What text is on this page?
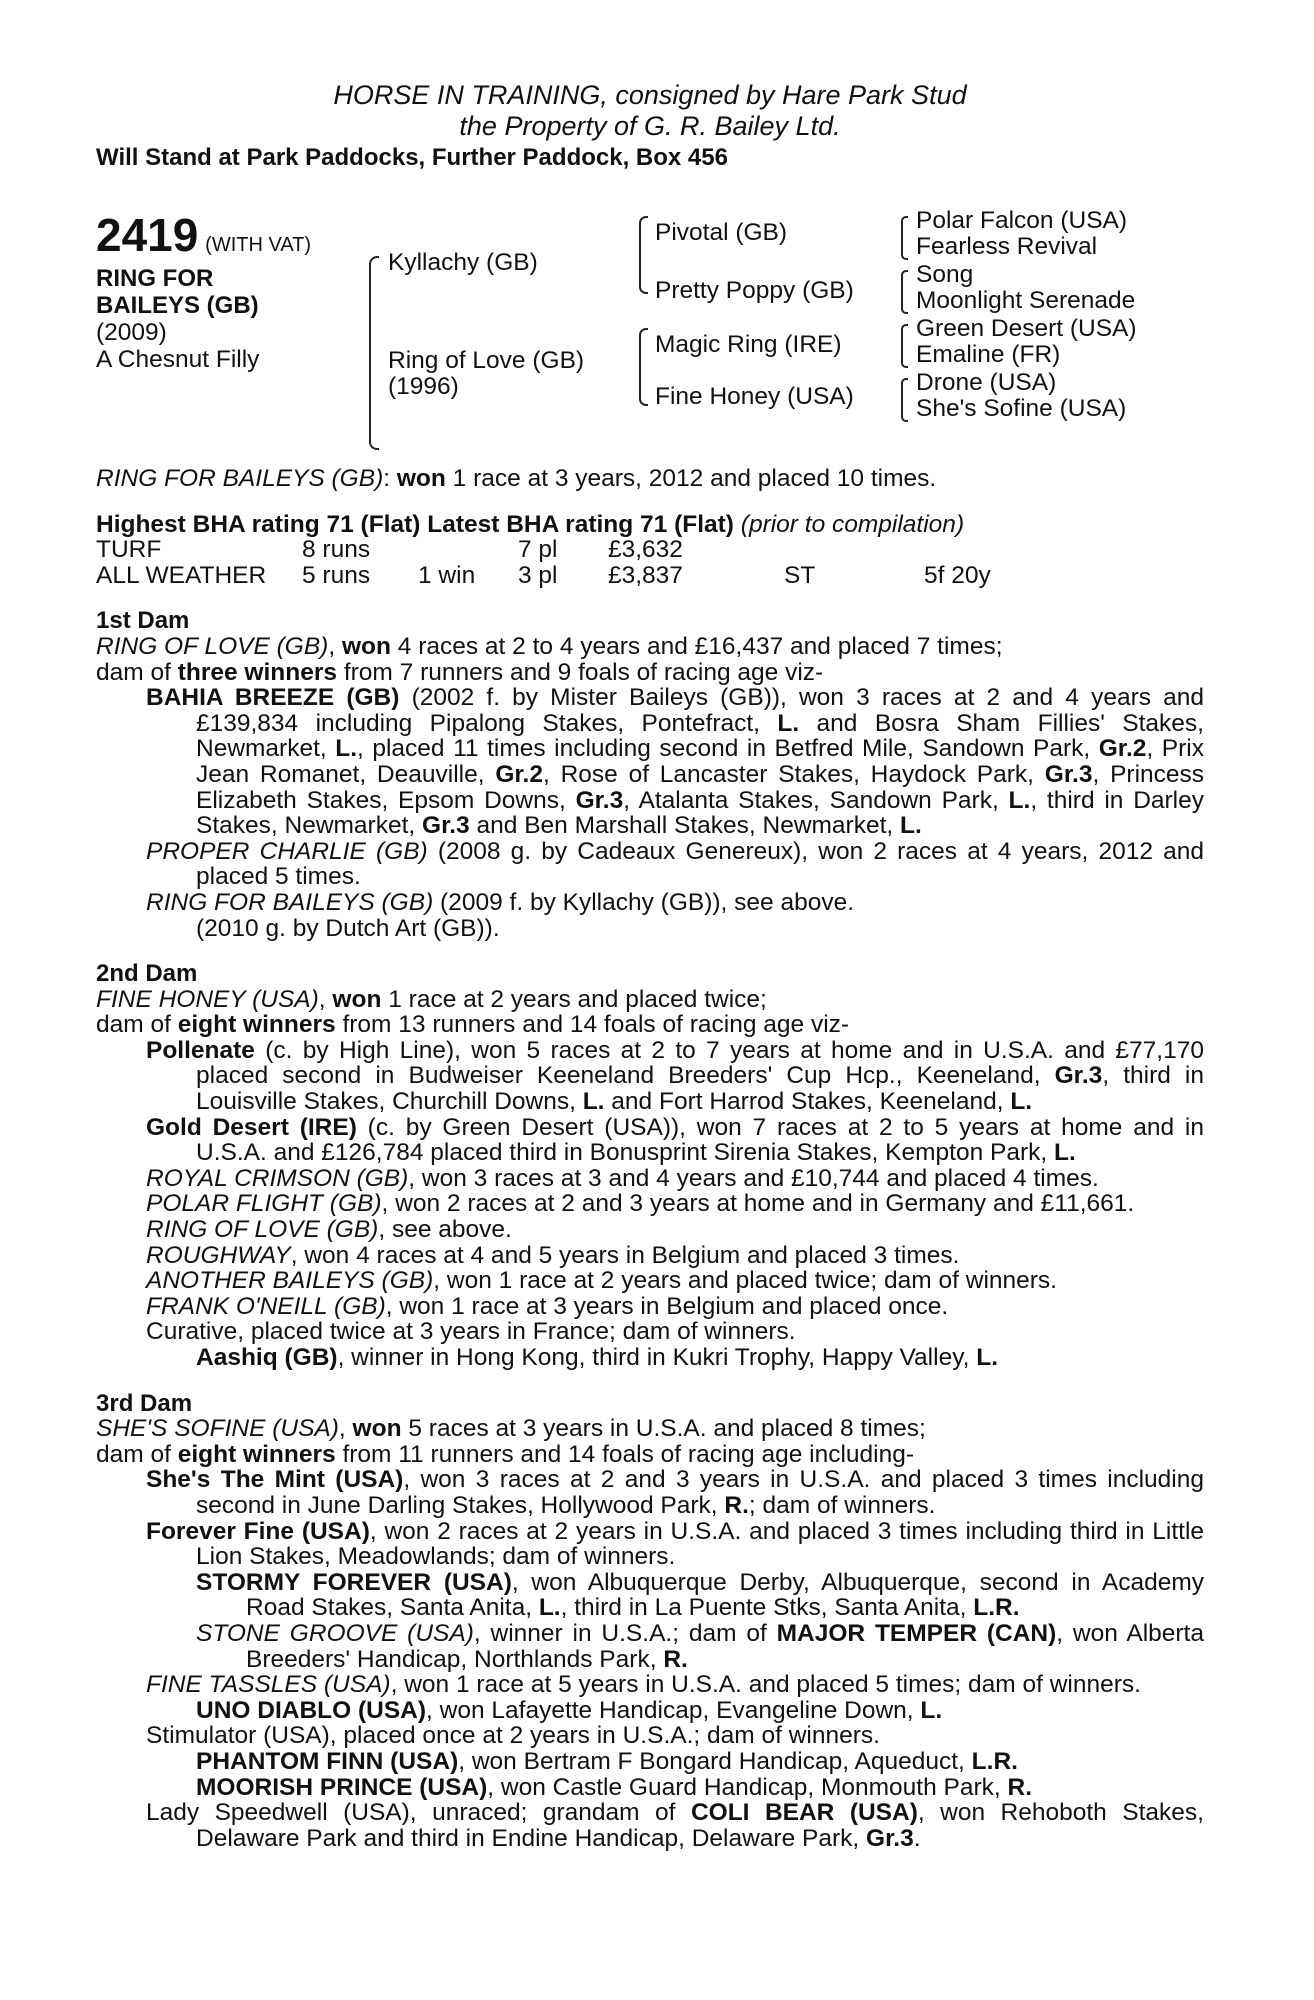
HORSE IN TRAINING, consigned by Hare Park Stud
the Property of G. R. Bailey Ltd.
Will Stand at Park Paddocks, Further Paddock, Box 456
2419 (WITH VAT)
RING FOR
BAILEYS (GB)
(2009)
A Chesnut Filly
Kyllachy (GB)
Ring of Love (GB)
(1996)
Pivotal (GB)
Pretty Poppy (GB)
Magic Ring (IRE)
Fine Honey (USA)
Polar Falcon (USA)
Fearless Revival
Song
Moonlight Serenade
Green Desert (USA)
Emaline (FR)
Drone (USA)
She's Sofine (USA)
RING FOR BAILEYS (GB): won 1 race at 3 years, 2012 and placed 10 times.
Highest BHA rating 71 (Flat) Latest BHA rating 71 (Flat) (prior to compilation)
TURF	8 runs	7 pl	£3,632
ALL WEATHER	5 runs	1 win	3 pl	£3,837	ST	5f 20y
1st Dam
RING OF LOVE (GB), won 4 races at 2 to 4 years and £16,437 and placed 7 times;
dam of three winners from 7 runners and 9 foals of racing age viz-
BAHIA BREEZE (GB) (2002 f. by Mister Baileys (GB)), won 3 races at 2 and 4 years and £139,834 including Pipalong Stakes, Pontefract, L. and Bosra Sham Fillies' Stakes, Newmarket, L., placed 11 times including second in Betfred Mile, Sandown Park, Gr.2, Prix Jean Romanet, Deauville, Gr.2, Rose of Lancaster Stakes, Haydock Park, Gr.3, Princess Elizabeth Stakes, Epsom Downs, Gr.3, Atalanta Stakes, Sandown Park, L., third in Darley Stakes, Newmarket, Gr.3 and Ben Marshall Stakes, Newmarket, L.
PROPER CHARLIE (GB) (2008 g. by Cadeaux Genereux), won 2 races at 4 years, 2012 and placed 5 times.
RING FOR BAILEYS (GB) (2009 f. by Kyllachy (GB)), see above.
(2010 g. by Dutch Art (GB)).
2nd Dam
FINE HONEY (USA), won 1 race at 2 years and placed twice;
dam of eight winners from 13 runners and 14 foals of racing age viz-
Pollenate (c. by High Line), won 5 races at 2 to 7 years at home and in U.S.A. and £77,170 placed second in Budweiser Keeneland Breeders' Cup Hcp., Keeneland, Gr.3, third in Louisville Stakes, Churchill Downs, L. and Fort Harrod Stakes, Keeneland, L.
Gold Desert (IRE) (c. by Green Desert (USA)), won 7 races at 2 to 5 years at home and in U.S.A. and £126,784 placed third in Bonusprint Sirenia Stakes, Kempton Park, L.
ROYAL CRIMSON (GB), won 3 races at 3 and 4 years and £10,744 and placed 4 times.
POLAR FLIGHT (GB), won 2 races at 2 and 3 years at home and in Germany and £11,661.
RING OF LOVE (GB), see above.
ROUGHWAY, won 4 races at 4 and 5 years in Belgium and placed 3 times.
ANOTHER BAILEYS (GB), won 1 race at 2 years and placed twice; dam of winners.
FRANK O'NEILL (GB), won 1 race at 3 years in Belgium and placed once.
Curative, placed twice at 3 years in France; dam of winners.
Aashiq (GB), winner in Hong Kong, third in Kukri Trophy, Happy Valley, L.
3rd Dam
SHE'S SOFINE (USA), won 5 races at 3 years in U.S.A. and placed 8 times;
dam of eight winners from 11 runners and 14 foals of racing age including-
She's The Mint (USA), won 3 races at 2 and 3 years in U.S.A. and placed 3 times including second in June Darling Stakes, Hollywood Park, R.; dam of winners.
Forever Fine (USA), won 2 races at 2 years in U.S.A. and placed 3 times including third in Little Lion Stakes, Meadowlands; dam of winners.
STORMY FOREVER (USA), won Albuquerque Derby, Albuquerque, second in Academy Road Stakes, Santa Anita, L., third in La Puente Stks, Santa Anita, L.R.
STONE GROOVE (USA), winner in U.S.A.; dam of MAJOR TEMPER (CAN), won Alberta Breeders' Handicap, Northlands Park, R.
FINE TASSLES (USA), won 1 race at 5 years in U.S.A. and placed 5 times; dam of winners.
UNO DIABLO (USA), won Lafayette Handicap, Evangeline Down, L.
Stimulator (USA), placed once at 2 years in U.S.A.; dam of winners.
PHANTOM FINN (USA), won Bertram F Bongard Handicap, Aqueduct, L.R.
MOORISH PRINCE (USA), won Castle Guard Handicap, Monmouth Park, R.
Lady Speedwell (USA), unraced; grandam of COLI BEAR (USA), won Rehoboth Stakes, Delaware Park and third in Endine Handicap, Delaware Park, Gr.3.
